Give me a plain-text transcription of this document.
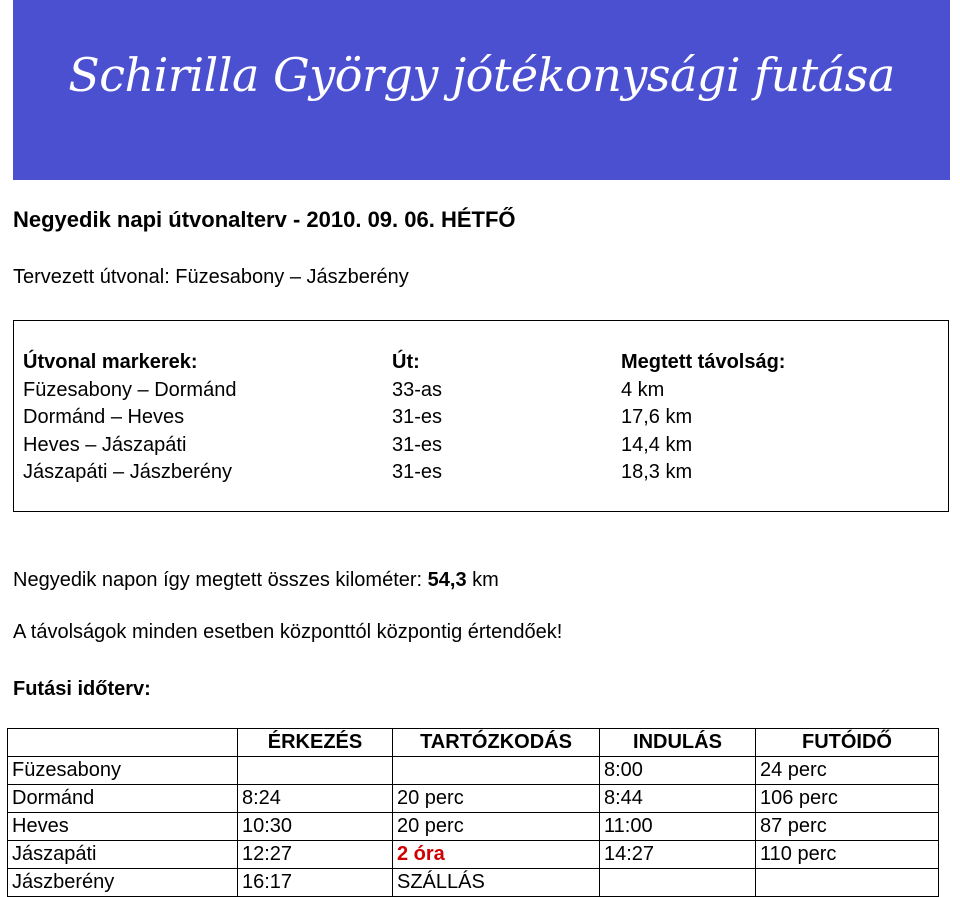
Schirilla György jótékonysági futása
Negyedik napi útvonalterv - 2010. 09. 06. HÉTFŐ
Tervezett útvonal: Füzesabony – Jászberény
Útvonal markerek:	Út:	Megtett távolság:
Füzesabony – Dormánd	33-as	4 km
Dormánd – Heves	31-es	17,6 km
Heves – Jászapáti	31-es	14,4 km
Jászapáti – Jászberény	31-es	18,3 km
Negyedik napon így megtett összes kilométer: 54,3 km
A távolságok minden esetben központtól központig értendőek!
Futási időterv:
	ÉRKEZÉS	TARTÓZKODÁS	INDULÁS	FUTÓIDŐ
Füzesabony			8:00	24 perc
Dormánd	8:24	20 perc	8:44	106 perc
Heves	10:30	20 perc	11:00	87 perc
Jászapáti	12:27	2 óra	14:27	110 perc
Jászberény	16:17	SZÁLLÁS		
